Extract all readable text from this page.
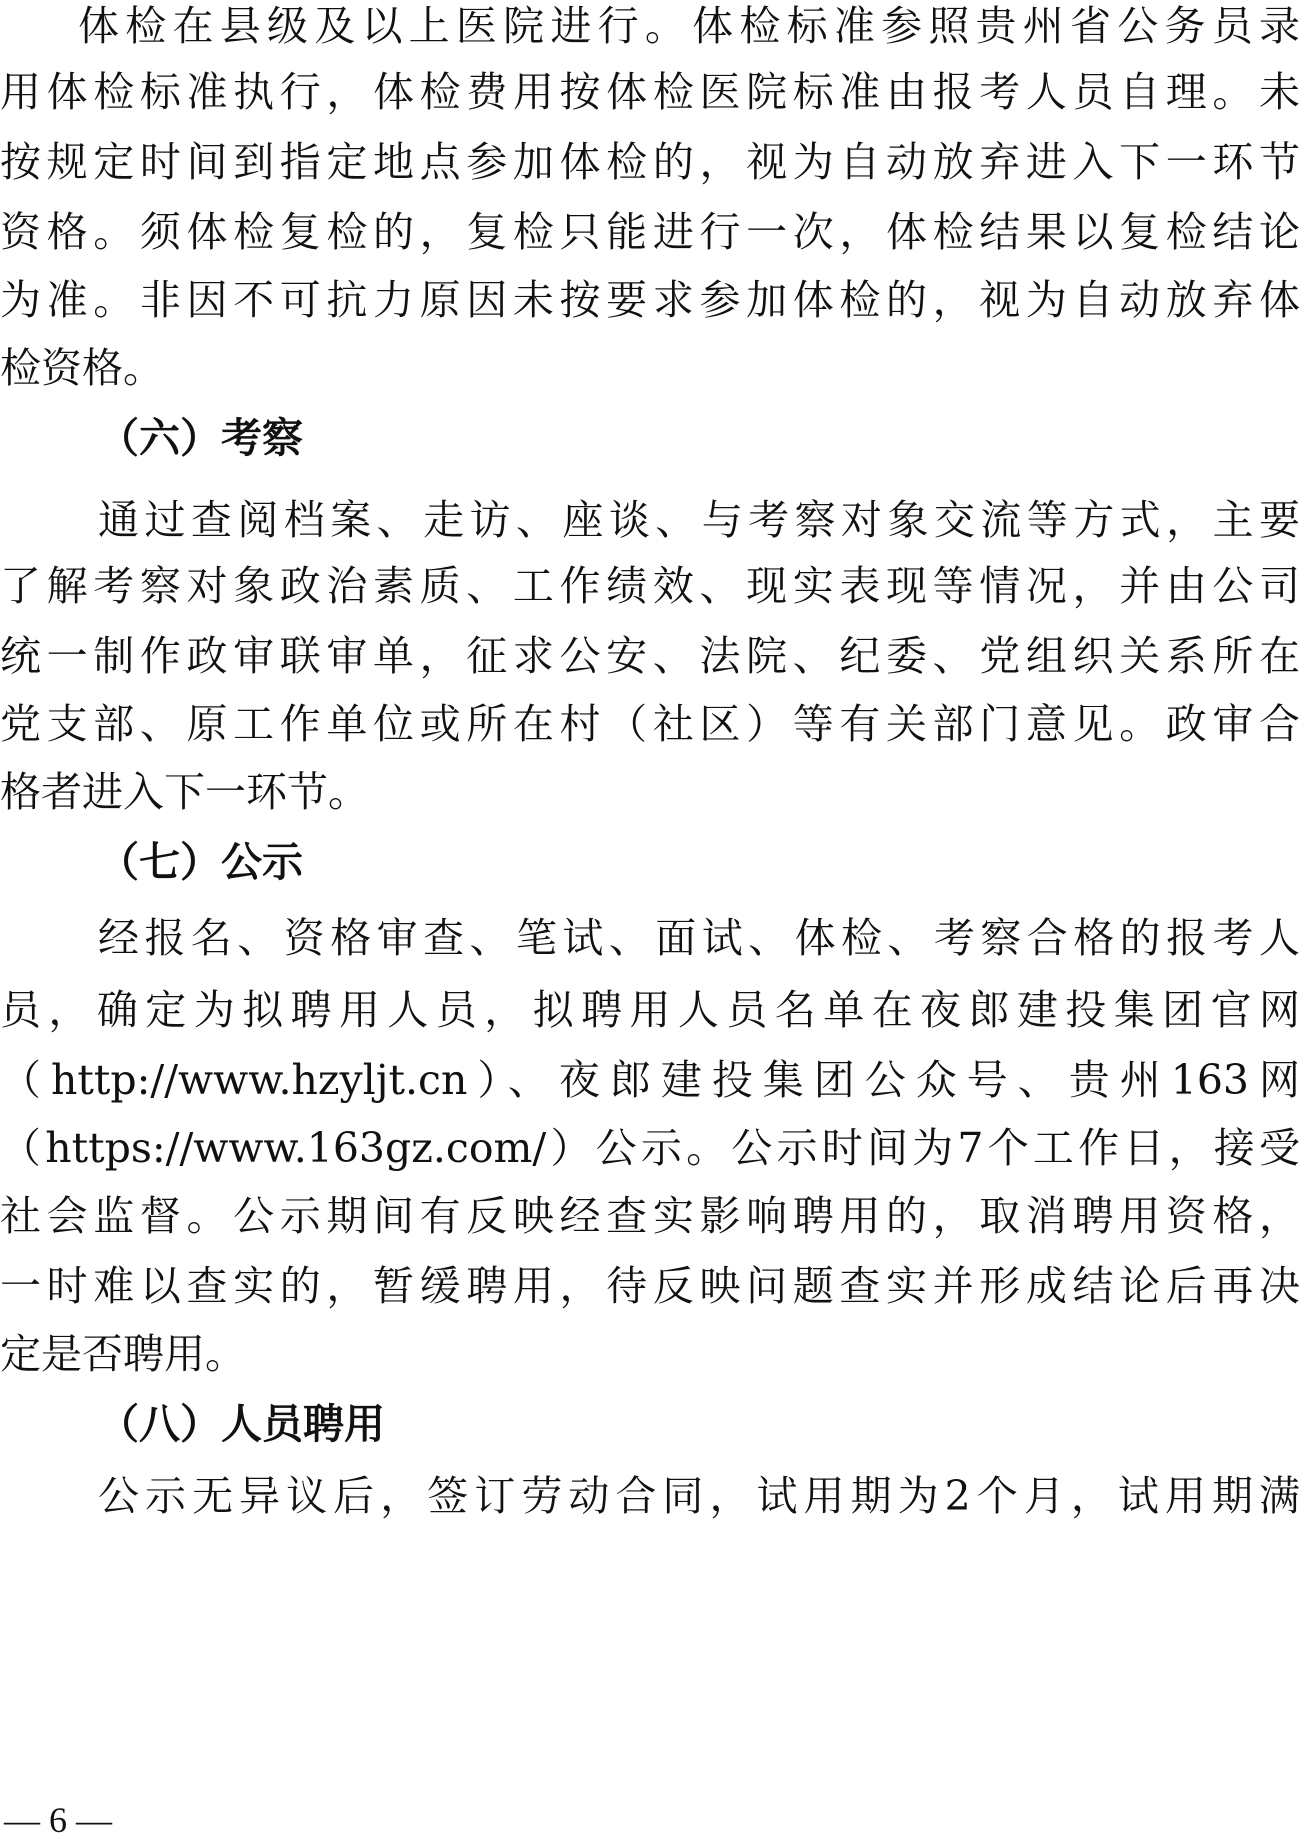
体检在县级及以上医院进行。体检标准参照贵州省公务员录
用体检标准执行，体检费用按体检医院标准由报考人员自理。未
按规定时间到指定地点参加体检的，视为自动放弃进入下一环节
资格。须体检复检的，复检只能进行一次，体检结果以复检结论
为准。非因不可抗力原因未按要求参加体检的，视为自动放弃体
检资格。
（六）考察
通过查阅档案、走访、座谈、与考察对象交流等方式，主要
了解考察对象政治素质、工作绩效、现实表现等情况，并由公司
统一制作政审联审单，征求公安、法院、纪委、党组织关系所在
党支部、原工作单位或所在村（社区）等有关部门意见。政审合
格者进入下一环节。
（七）公示
经报名、资格审查、笔试、面试、体检、考察合格的报考人
员，确定为拟聘用人员，拟聘用人员名单在夜郎建投集团官网
（http://www.hzyljt.cn）、夜郎建投集团公众号、贵州163网
（https://www.163gz.com/）公示。公示时间为7个工作日，接受
社会监督。公示期间有反映经查实影响聘用的，取消聘用资格，
一时难以查实的，暂缓聘用，待反映问题查实并形成结论后再决
定是否聘用。
（八）人员聘用
公示无异议后，签订劳动合同，试用期为2个月，试用期满
— 6 —
